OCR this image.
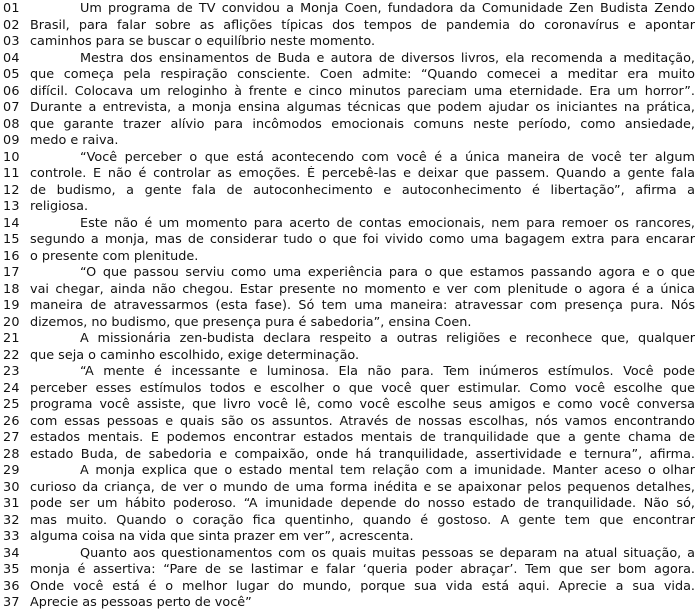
01	Um programa de TV convidou a Monja Coen, fundadora da Comunidade Zen Budista Zendo
02 Brasil, para falar sobre as aflições típicas dos tempos de pandemia do coronavírus e apontar
03 caminhos para se buscar o equilíbrio neste momento.
04	Mestra dos ensinamentos de Buda e autora de diversos livros, ela recomenda a meditação,
05 que começa pela respiração consciente. Coen admite: “Quando comecei a meditar era muito
06 difícil. Colocava um reloginho à frente e cinco minutos pareciam uma eternidade. Era um horror”.
07 Durante a entrevista, a monja ensina algumas técnicas que podem ajudar os iniciantes na prática,
08 que garante trazer alívio para incômodos emocionais comuns neste período, como ansiedade,
09 medo e raiva.
10	“Você perceber o que está acontecendo com você é a única maneira de você ter algum
11 controle. E não é controlar as emoções. É percebê-las e deixar que passem. Quando a gente fala
12 de budismo, a gente fala de autoconhecimento e autoconhecimento é libertação”, afirma a
13 religiosa.
14	Este não é um momento para acerto de contas emocionais, nem para remoer os rancores,
15 segundo a monja, mas de considerar tudo o que foi vivido como uma bagagem extra para encarar
16 o presente com plenitude.
17	“O que passou serviu como uma experiência para o que estamos passando agora e o que
18 vai chegar, ainda não chegou. Estar presente no momento e ver com plenitude o agora é a única
19 maneira de atravessarmos (esta fase). Só tem uma maneira: atravessar com presença pura. Nós
20 dizemos, no budismo, que presença pura é sabedoria”, ensina Coen.
21	A missionária zen-budista declara respeito a outras religiões e reconhece que, qualquer
22 que seja o caminho escolhido, exige determinação.
23	“A mente é incessante e luminosa. Ela não para. Tem inúmeros estímulos. Você pode
24 perceber esses estímulos todos e escolher o que você quer estimular. Como você escolhe que
25 programa você assiste, que livro você lê, como você escolhe seus amigos e como você conversa
26 com essas pessoas e quais são os assuntos. Através de nossas escolhas, nós vamos encontrando
27 estados mentais. E podemos encontrar estados mentais de tranquilidade que a gente chama de
28 estado Buda, de sabedoria e compaixão, onde há tranquilidade, assertividade e ternura”, afirma.
29	A monja explica que o estado mental tem relação com a imunidade. Manter aceso o olhar
30 curioso da criança, de ver o mundo de uma forma inédita e se apaixonar pelos pequenos detalhes,
31 pode ser um hábito poderoso. “A imunidade depende do nosso estado de tranquilidade. Não só,
32 mas muito. Quando o coração fica quentinho, quando é gostoso. A gente tem que encontrar
33 alguma coisa na vida que sinta prazer em ver”, acrescenta.
34	Quanto aos questionamentos com os quais muitas pessoas se deparam na atual situação, a
35 monja é assertiva: “Pare de se lastimar e falar ‘queria poder abraçar’. Tem que ser bom agora.
36 Onde você está é o melhor lugar do mundo, porque sua vida está aqui. Aprecie a sua vida.
37 Aprecie as pessoas perto de você”
